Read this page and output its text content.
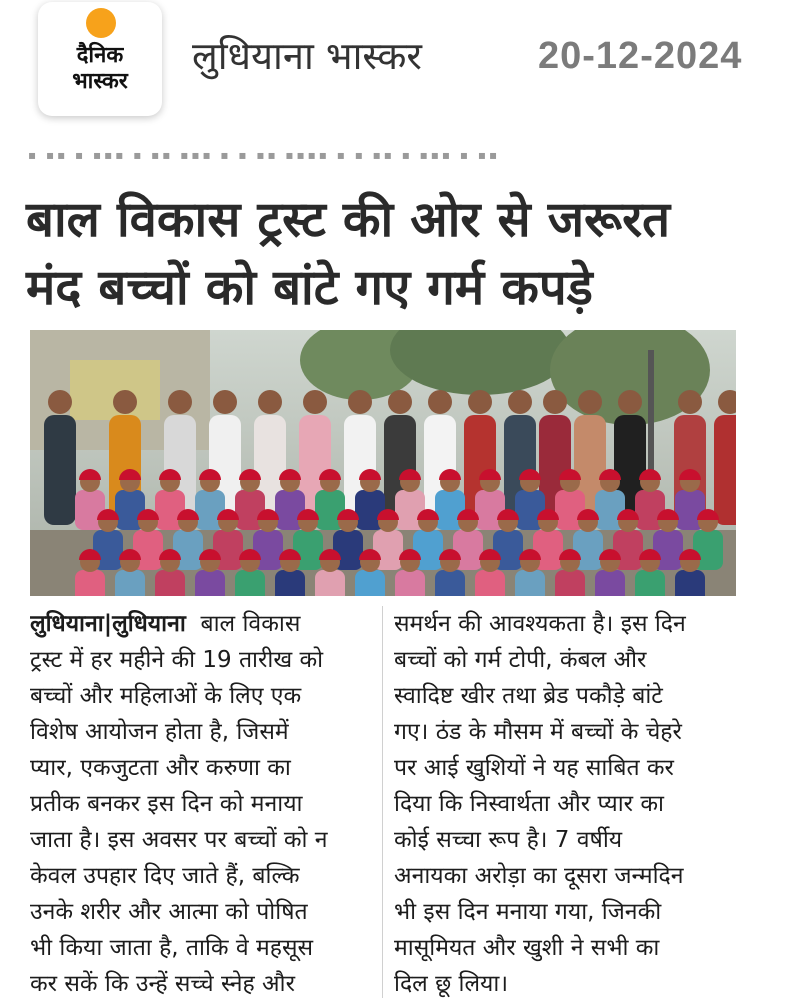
दैनिक
भास्कर
लुधियाना भास्कर	20-12-2024
▪ ▪▪ ▪ ▪▪▪ ▪ ▪▪ ▪▪▪ ▪ ▪ ▪▪ ▪▪▪▪ ▪ ▪ ▪▪ ▪ ▪▪▪ ▪ ▪▪
बाल विकास ट्रस्ट की ओर से जरूरत
मंद बच्चों को बांटे गए गर्म कपड़े
लुधियाना|लुधियाना बाल विकास
ट्रस्ट में हर महीने की 19 तारीख को
बच्चों और महिलाओं के लिए एक
विशेष आयोजन होता है, जिसमें
प्यार, एकजुटता और करुणा का
प्रतीक बनकर इस दिन को मनाया
जाता है। इस अवसर पर बच्चों को न
केवल उपहार दिए जाते हैं, बल्कि
उनके शरीर और आत्मा को पोषित
भी किया जाता है, ताकि वे महसूस
कर सकें कि उन्हें सच्चे स्नेह और
समर्थन की आवश्यकता है। इस दिन
बच्चों को गर्म टोपी, कंबल और
स्वादिष्ट खीर तथा ब्रेड पकौड़े बांटे
गए। ठंड के मौसम में बच्चों के चेहरे
पर आई खुशियों ने यह साबित कर
दिया कि निस्वार्थता और प्यार का
कोई सच्चा रूप है। 7 वर्षीय
अनायका अरोड़ा का दूसरा जन्मदिन
भी इस दिन मनाया गया, जिनकी
मासूमियत और खुशी ने सभी का
दिल छू लिया।
